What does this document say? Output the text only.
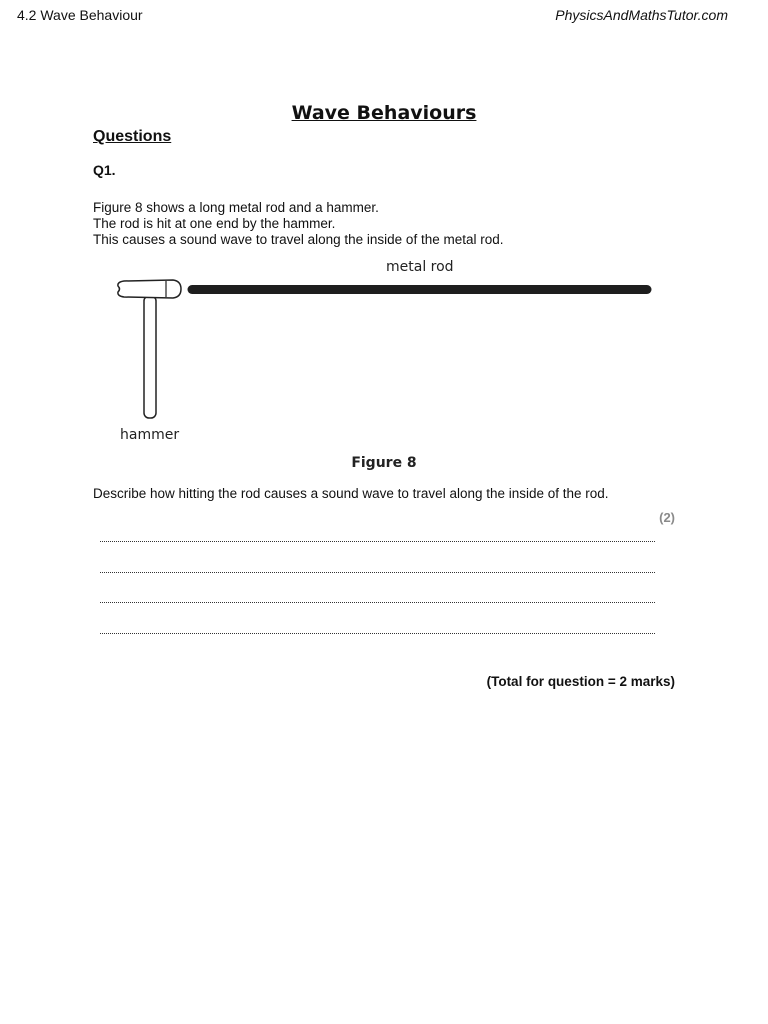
4.2 Wave Behaviour	PhysicsAndMathsTutor.com
Wave Behaviours
Questions
Q1.
Figure 8 shows a long metal rod and a hammer.
The rod is hit at one end by the hammer.
This causes a sound wave to travel along the inside of the metal rod.
metal rod
hammer
Figure 8
Describe how hitting the rod causes a sound wave to travel along the inside of the rod.
(2)
(Total for question = 2 marks)
